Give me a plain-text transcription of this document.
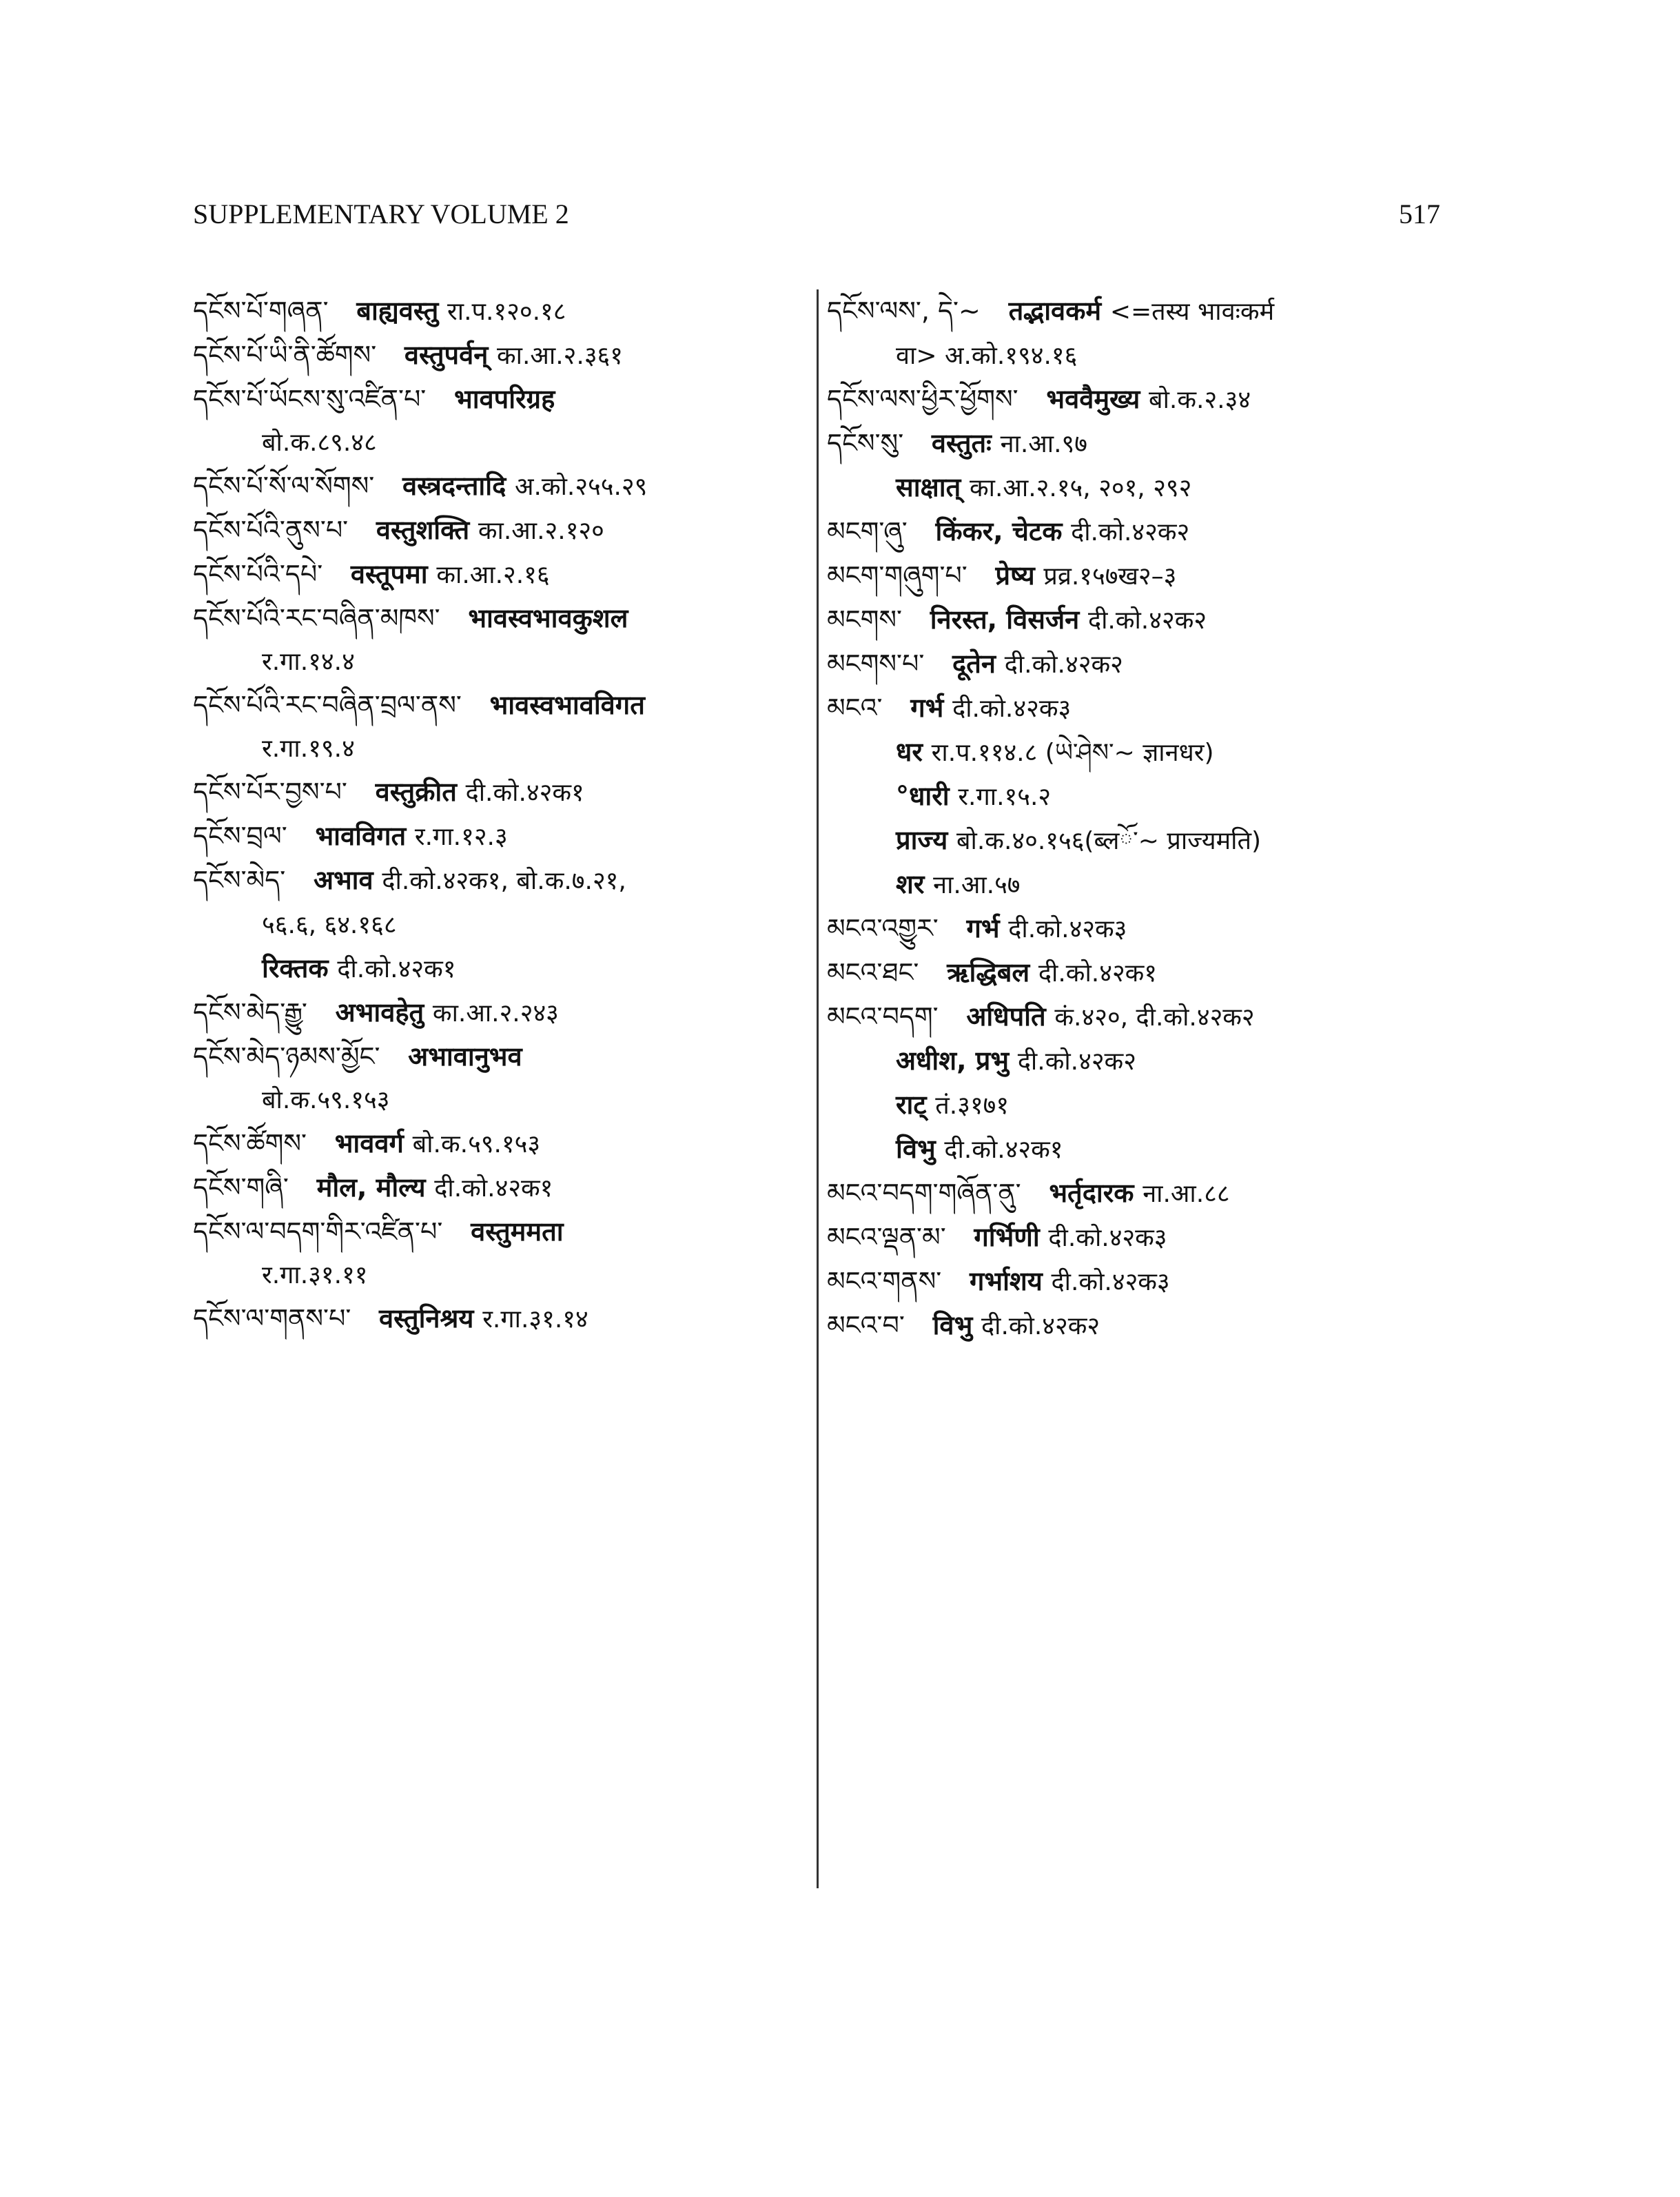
SUPPLEMENTARY VOLUME 2	517
དངོས་པོ་གཞན་ बाह्यवस्तु रा.प.१२०.१८
དངོས་པོ་ཡི་ནི་ཚོགས་ वस्तुपर्वन् का.आ.२.३६१
དངོས་པོ་ཡོངས་སུ་འཛིན་པ་ भावपरिग्रह
बो.क.८९.४८
དངོས་པོ་སོ་ལ་སོགས་ वस्त्रदन्तादि अ.को.२५५.२९
དངོས་པོའི་ནུས་པ་ वस्तुशक्ति का.आ.२.१२०
དངོས་པོའི་དཔེ་ वस्तूपमा का.आ.२.१६
དངོས་པོའི་རང་བཞིན་མཁས་ भावस्वभावकुशल
र.गा.१४.४
དངོས་པོའི་རང་བཞིན་བྲལ་ནས་ भावस्वभावविगत
र.गा.१९.४
དངོས་པོར་བྱས་པ་ वस्तुक्रीत दी.को.४२क१
དངོས་བྲལ་ भावविगत र.गा.१२.३
དངོས་མེད་ अभाव दी.को.४२क१, बो.क.७.२१,
५६.६, ६४.१६८
रिक्तक दी.को.४२क१
དངོས་མེད་རྒྱུ་ अभावहेतु का.आ.२.२४३
དངོས་མེད་ཉམས་མྱོང་ अभावानुभव
बो.क.५९.१५३
དངོས་ཚོགས་ भाववर्ग बो.क.५९.१५३
དངོས་གཞི་ मौल, मौल्य दी.को.४२क१
དངོས་ལ་བདག་གིར་འཛིན་པ་ वस्तुममता
र.गा.३१.११
དངོས་ལ་གནས་པ་ वस्तुनिश्रय र.गा.३१.१४
དངོས་ལས་, དེ་~ तद्भावकर्म <=तस्य भावःकर्म
वा> अ.को.१९४.१६
དངོས་ལས་ཕྱིར་ཕྱོགས་ भववैमुख्य बो.क.२.३४
དངོས་སུ་ वस्तुतः ना.आ.९७
साक्षात् का.आ.२.१५, २०१, २९२
མངག་ཞུ་ किंकर, चेटक दी.को.४२क२
མངག་གཞུག་པ་ प्रेष्य प्रव्र.१५७ख२–३
མངགས་ निरस्त, विसर्जन दी.को.४२क२
མངགས་པ་ दूतेन दी.को.४२क२
མངའ་ गर्भ दी.को.४२क३
धर रा.प.११४.८ (ཡེ་ཤེས་~ ज्ञानधर)
°धारी र.गा.१५.२
प्राज्य बो.क.४०.१५६(ब्लོ་~ प्राज्यमति)
शर ना.आ.५७
མངའ་འགྱུར་ गर्भ दी.को.४२क३
མངའ་ཐང་ ऋद्धिबल दी.को.४२क१
མངའ་བདག་ अधिपति कं.४२०, दी.को.४२क२
अधीश, प्रभु दी.को.४२क२
राट् तं.३१७१
विभु दी.को.४२क१
མངའ་བདག་གཞོན་ནུ་ भर्तृदारक ना.आ.८८
མངའ་ལྡན་མ་ गर्भिणी दी.को.४२क३
མངའ་གནས་ गर्भाशय दी.को.४२क३
མངའ་བ་ विभु दी.को.४२क२
